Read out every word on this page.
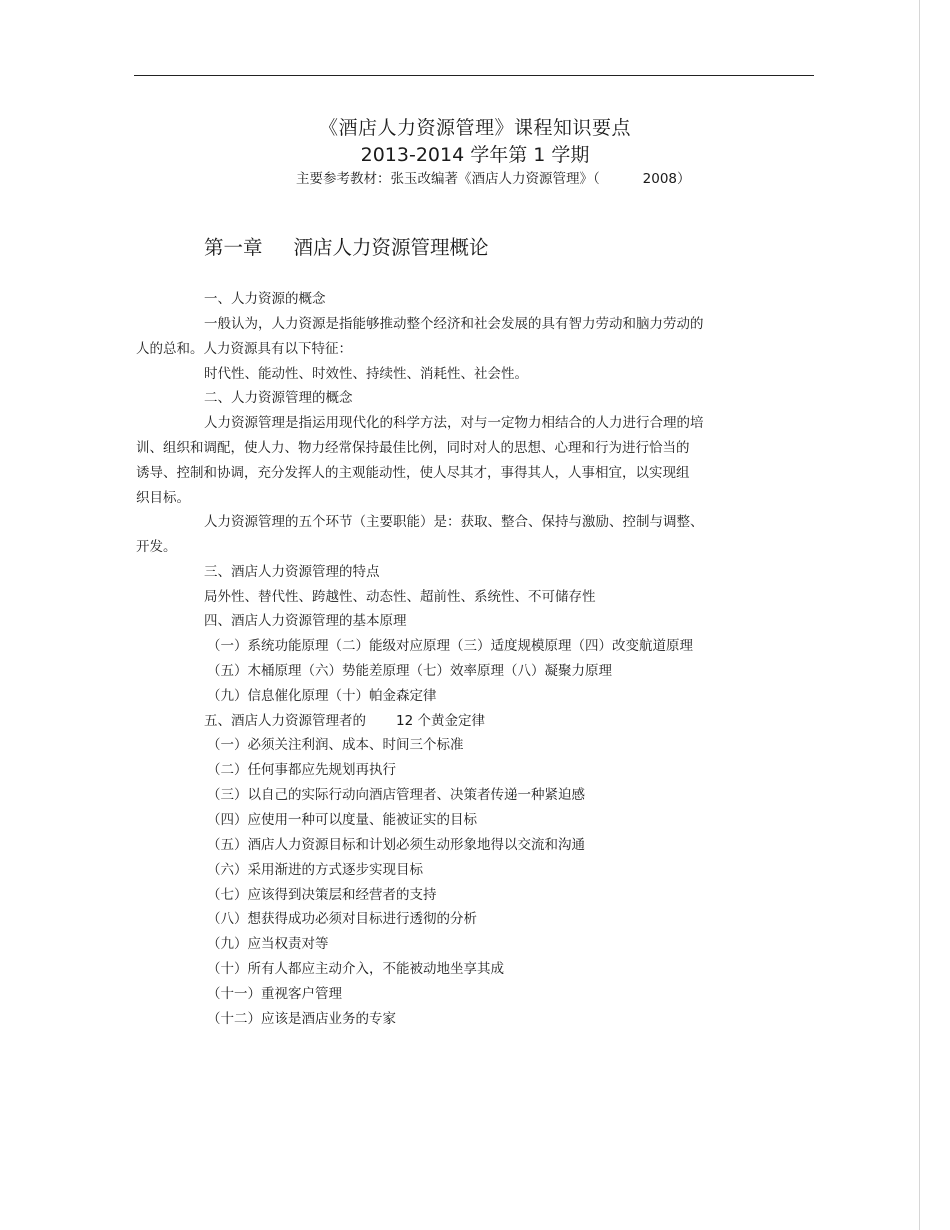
《酒店人力资源管理》课程知识要点
2013-2014 学年第 1 学期
主要参考教材：张玉改编著《酒店人力资源管理》（          2008）
第一章     酒店人力资源管理概论
一、人力资源的概念
一般认为，人力资源是指能够推动整个经济和社会发展的具有智力劳动和脑力劳动的
人的总和。人力资源具有以下特征：
时代性、能动性、时效性、持续性、消耗性、社会性。
二、人力资源管理的概念
人力资源管理是指运用现代化的科学方法，对与一定物力相结合的人力进行合理的培
训、组织和调配，使人力、物力经常保持最佳比例，同时对人的思想、心理和行为进行恰当的
诱导、控制和协调，充分发挥人的主观能动性，使人尽其才，事得其人，人事相宜，以实现组
织目标。
人力资源管理的五个环节（主要职能）是：获取、整合、保持与激励、控制与调整、
开发。
三、酒店人力资源管理的特点
局外性、替代性、跨越性、动态性、超前性、系统性、不可储存性
四、酒店人力资源管理的基本原理
（一）系统功能原理（二）能级对应原理（三）适度规模原理（四）改变航道原理
（五）木桶原理（六）势能差原理（七）效率原理（八）凝聚力原理
（九）信息催化原理（十）帕金森定律
五、酒店人力资源管理者的       12 个黄金定律
（一）必须关注利润、成本、时间三个标准
（二）任何事都应先规划再执行
（三）以自己的实际行动向酒店管理者、决策者传递一种紧迫感
（四）应使用一种可以度量、能被证实的目标
（五）酒店人力资源目标和计划必须生动形象地得以交流和沟通
（六）采用渐进的方式逐步实现目标
（七）应该得到决策层和经营者的支持
（八）想获得成功必须对目标进行透彻的分析
（九）应当权责对等
（十）所有人都应主动介入，不能被动地坐享其成
（十一）重视客户管理
（十二）应该是酒店业务的专家
